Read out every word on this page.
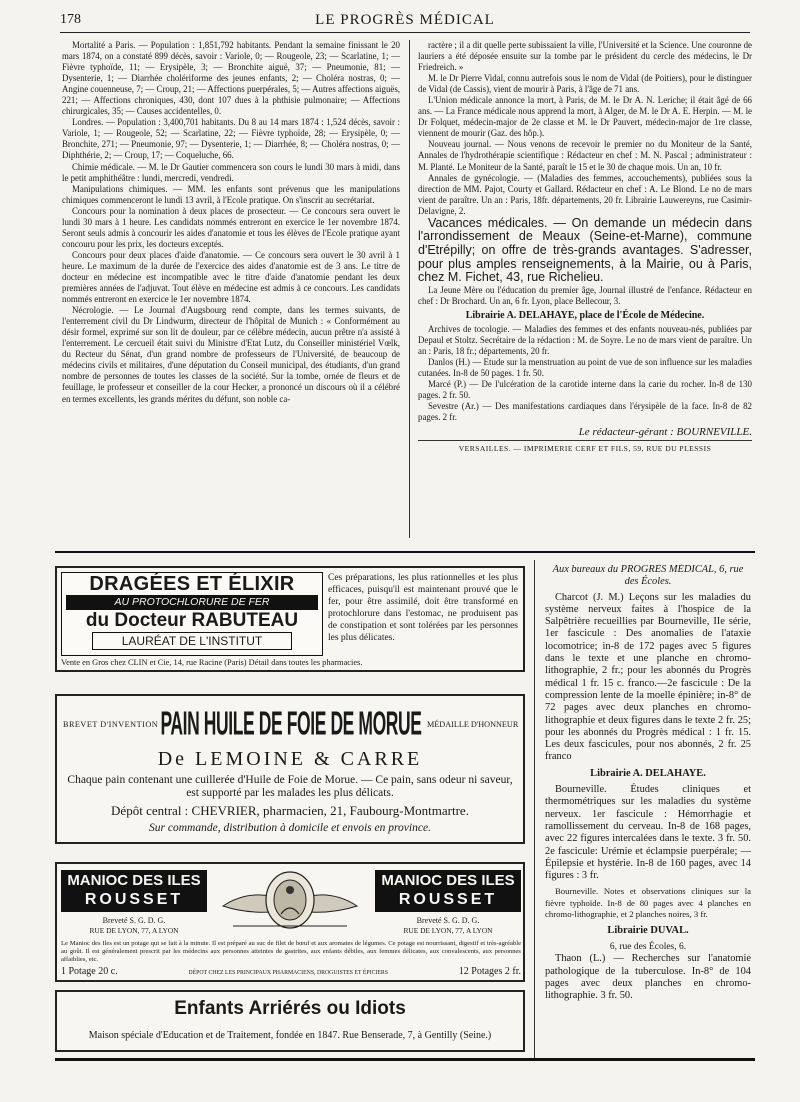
178	LE PROGRÈS MÉDICAL

Mortalité a Paris. — Population : 1,851,792 habitants. Pendant la semaine finissant le 20 mars 1874, on a constaté 899 décès, savoir : Variole, 0; — Rougeole, 23; — Scarlatine, 1; — Fièvre typhoïde, 11; — Erysipèle, 3; — Bronchite aiguë, 37; — Pneumonie, 81; — Dysenterie, 1; — Diarrhée cholériforme des jeunes enfants, 2; — Choléra nostras, 0; — Angine couenneuse, 7; — Croup, 21; — Affections puerpérales, 5; — Autres affections aiguës, 221; — Affections chroniques, 430, dont 107 dues à la phthisie pulmonaire; — Affections chirurgicales, 35; — Causes accidentelles, 0.

Londres. — Population : 3,400,701 habitants. Du 8 au 14 mars 1874 : 1,524 décès, savoir : Variole, 1; — Rougeole, 52; — Scarlatine, 22; — Fièvre typhoïde, 28; — Erysipèle, 0; — Bronchite, 271; — Pneumonie, 97; — Dysenterie, 1; — Diarrhée, 8; — Choléra nostras, 0; — Diphthérie, 2; — Croup, 17; — Coqueluche, 66.

Chimie médicale. — M. le Dr Gautier commencera son cours le lundi 30 mars à midi, dans le petit amphithéâtre : lundi, mercredi, vendredi.

Manipulations chimiques. — MM. les enfants sont prévenus que les manipulations chimiques commenceront le lundi 13 avril, à l'Ecole pratique. On s'inscrit au secrétariat.

Concours pour la nomination à deux places de prosecteur. — Ce concours sera ouvert le lundi 30 mars à 1 heure. Les candidats nommés entreront en exercice le 1er novembre 1874. Seront seuls admis à concourir les aides d'anatomie et tous les élèves de l'Ecole pratique ayant concouru pour les prix, les docteurs exceptés.

Concours pour deux places d'aide d'anatomie. — Ce concours sera ouvert le 30 avril à 1 heure. Le maximum de la durée de l'exercice des aides d'anatomie est de 3 ans. Le titre de docteur en médecine est incompatible avec le titre d'aide d'anatomie pendant les deux premières années de l'adjuvat. Tout élève en médecine est admis à ce concours. Les candidats nommés entreront en exercice le 1er novembre 1874.

Nécrologie. — Le Journal d'Augsbourg rend compte, dans les termes suivants, de l'enterrement civil du Dr Lindwurm, directeur de l'hôpital de Munich : « Conformément au désir formel, exprimé sur son lit de douleur, par ce célèbre médecin, aucun prêtre n'a assisté à l'enterrement. Le cercueil était suivi du Ministre d'Etat Lutz, du Conseiller ministériel Vœlk, du Recteur du Sénat, d'un grand nombre de professeurs de l'Université, de beaucoup de médecins civils et militaires, d'une députation du Conseil municipal, des étudiants, d'un grand nombre de personnes de toutes les classes de la société. Sur la tombe, ornée de fleurs et de feuillage, le professeur et conseiller de la cour Hecker, a prononcé un discours où il a célébré en termes excellents, les grands mérites du défunt, son noble ca-

ractère ; il a dit quelle perte subissaient la ville, l'Université et la Science. Une couronne de lauriers a été déposée ensuite sur la tombe par le président du cercle des médecins, le Dr Friedreich. »

M. le Dr Pierre Vidal, connu autrefois sous le nom de Vidal (de Poitiers), pour le distinguer de Vidal (de Cassis), vient de mourir à Paris, à l'âge de 71 ans.

L'Union médicale annonce la mort, à Paris, de M. le Dr A. N. Leriche; il était âgé de 66 ans. — La France médicale nous apprend la mort, à Alger, de M. le Dr A. E. Herpin. — M. le Dr Folquet, médecin-major de 2e classe et M. le Dr Pauvert, médecin-major de 1re classe, viennent de mourir (Gaz. des hôp.).

Nouveau journal. — Nous venons de recevoir le premier no du Moniteur de la Santé, Annales de l'hydrothérapie scientifique : Rédacteur en chef : M. N. Pascal ; administrateur : M. Planté. Le Moniteur de la Santé, paraît le 15 et le 30 de chaque mois. Un an, 10 fr.

Annales de gynécologie. — (Maladies des femmes, accouchements), publiées sous la direction de MM. Pajot, Courty et Gallard. Rédacteur en chef : A. Le Blond. Le no de mars vient de paraître. Un an : Paris, 18fr. départements, 20 fr. Librairie Lauwereyns, rue Casimir-Delavigne, 2.

Vacances médicales. — On demande un médecin dans l'arrondissement de Meaux (Seine-et-Marne), commune d'Etrépilly; on offre de très-grands avantages. S'adresser, pour plus amples renseignements, à la Mairie, ou à Paris, chez M. Fichet, 43, rue Richelieu.

La Jeune Mère ou l'éducation du premier âge, Journal illustré de l'enfance. Rédacteur en chef : Dr Brochard. Un an, 6 fr. Lyon, place Bellecour, 3.

Librairie A. DELAHAYE, place de l'École de Médecine.

Archives de tocologie. — Maladies des femmes et des enfants nouveau-nés, publiées par Depaul et Stoltz. Secrétaire de la rédaction : M. de Soyre. Le no de mars vient de paraître. Un an : Paris, 18 fr.; départements, 20 fr.

Danlos (H.) — Etude sur la menstruation au point de vue de son influence sur les maladies cutanées. In-8 de 50 pages. 1 fr. 50.

Marcé (P.) — De l'ulcération de la carotide interne dans la carie du rocher. In-8 de 130 pages. 2 fr. 50.

Sevestre (Ar.) — Des manifestations cardiaques dans l'érysipèle de la face. In-8 de 82 pages. 2 fr.

Le rédacteur-gérant : BOURNEVILLE.
VERSAILLES. — IMPRIMERIE CERF ET FILS, 59, RUE DU PLESSIS
DRAGÉES ET ÉLIXIR
AU PROTOCHLORURE DE FER
du Docteur RABUTEAU
LAURÉAT DE L'INSTITUT
Ces préparations, les plus rationnelles et les plus efficaces, puisqu'il est maintenant prouvé que le fer, pour être assimilé, doit être transformé en protochlorure dans l'estomac, ne produisent pas de constipation et sont tolérées par les personnes les plus délicates.
Vente en Gros chez CLIN et Cie, 14, rue Racine (Paris) Détail dans toutes les pharmacies.
BREVET D'INVENTION	MÉDAILLE D'HONNEUR
PAIN HUILE DE FOIE DE MORUE
De LEMOINE & CARRE
Chaque pain contenant une cuillerée d'Huile de Foie de Morue. — Ce pain, sans odeur ni saveur, est supporté par les malades les plus délicats.
Dépôt central : CHEVRIER, pharmacien, 21, Faubourg-Montmartre.
Sur commande, distribution à domicile et envois en province.
MANIOC DES ILES
ROUSSET
Breveté S. G. D. G.
RUE DE LYON, 77, A LYON
MANIOC DES ILES
ROUSSET
Breveté S. G. D. G.
RUE DE LYON, 77, A LYON
Le Manioc des Iles est un potage qui se fait à la minute. Il est préparé au suc de filet de bœuf et aux aromates de légumes. Ce potage est nourrissant, digestif et très-agréable au goût. Il est généralement prescrit par les médecins aux personnes atteintes de gastrites, aux enfants débiles, aux femmes délicates, aux convalescents, aux personnes affaiblies, etc.
1 Potage 20 c.	DÉPOT CHEZ LES PRINCIPAUX PHARMACIENS, DROGUISTES ET ÉPICIERS	12 Potages 2 fr.
Enfants Arriérés ou Idiots
Maison spéciale d'Education et de Traitement, fondée en 1847. Rue Benserade, 7, à Gentilly (Seine.)

Aux bureaux du PROGRÈS MÉDICAL, 6, rue des Écoles.

Charcot (J. M.) Leçons sur les maladies du système nerveux faites à l'hospice de la Salpêtrière recueillies par Bourneville, IIe série, 1er fascicule : Des anomalies de l'ataxie locomotrice; in-8 de 172 pages avec 5 figures dans le texte et une planche en chromo-lithographie, 2 fr.; pour les abonnés du Progrès médical 1 fr. 15 c. franco.—2e fascicule : De la compression lente de la moelle épinière; in-8° de 72 pages avec deux planches en chromo-lithographie et deux figures dans le texte 2 fr. 25; pour les abonnés du Progrès médical : 1 fr. 15. Les deux fascicules, pour nos abonnés, 2 fr. 25 franco

Librairie A. DELAHAYE.

Bourneville. Études cliniques et thermométriques sur les maladies du système nerveux. 1er fascicule : Hémorrhagie et ramollissement du cerveau. In-8 de 168 pages, avec 22 figures intercalées dans le texte. 3 fr. 50. 2e fascicule: Urémie et éclampsie puerpérale; — Épilepsie et hystérie. In-8 de 160 pages, avec 14 figures : 3 fr.

Bourneville. Notes et observations cliniques sur la fièvre typhoïde. In-8 de 80 pages avec 4 planches en chromo-lithographie, et 2 planches noires, 3 fr.

Librairie DUVAL.

6, rue des Écoles, 6.

Thaon (L.) — Recherches sur l'anatomie pathologique de la tuberculose. In-8° de 104 pages avec deux planches en chromo-lithographie. 3 fr. 50.
